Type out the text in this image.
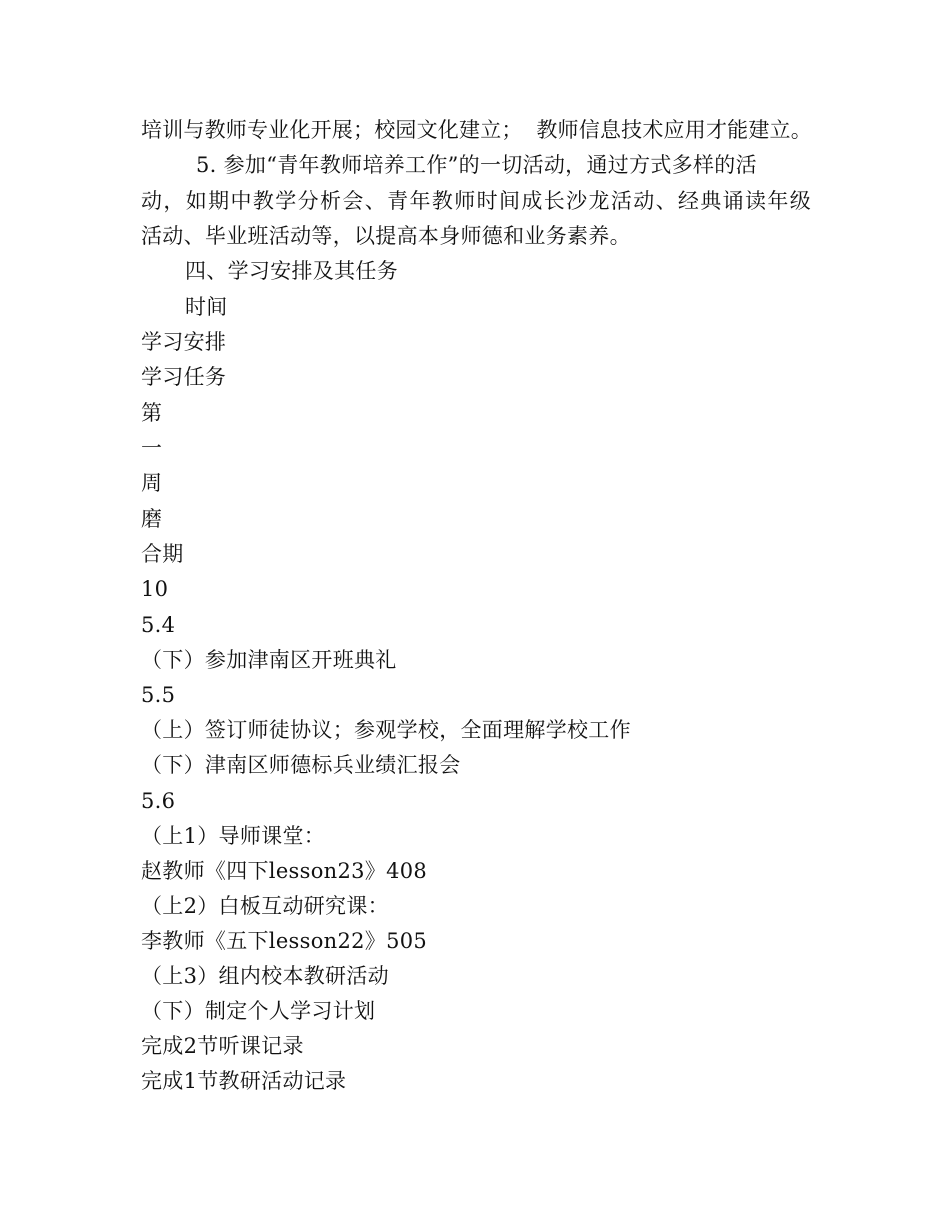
培训与教师专业化开展；校园文化建立；  教师信息技术应用才能建立。
5. 参加“青年教师培养工作”的一切活动，通过方式多样的活
动，如期中教学分析会、青年教师时间成长沙龙活动、经典诵读年级
活动、毕业班活动等，以提高本身师德和业务素养。
四、学习安排及其任务
时间
学习安排
学习任务
第
一
周
磨
合期
10
5.4
（下）参加津南区开班典礼
5.5
（上）签订师徒协议；参观学校，全面理解学校工作
（下）津南区师德标兵业绩汇报会
5.6
（上1）导师课堂：
赵教师《四下lesson23》408
（上2）白板互动研究课：
李教师《五下lesson22》505
（上3）组内校本教研活动
（下）制定个人学习计划
完成2节听课记录
完成1节教研活动记录
